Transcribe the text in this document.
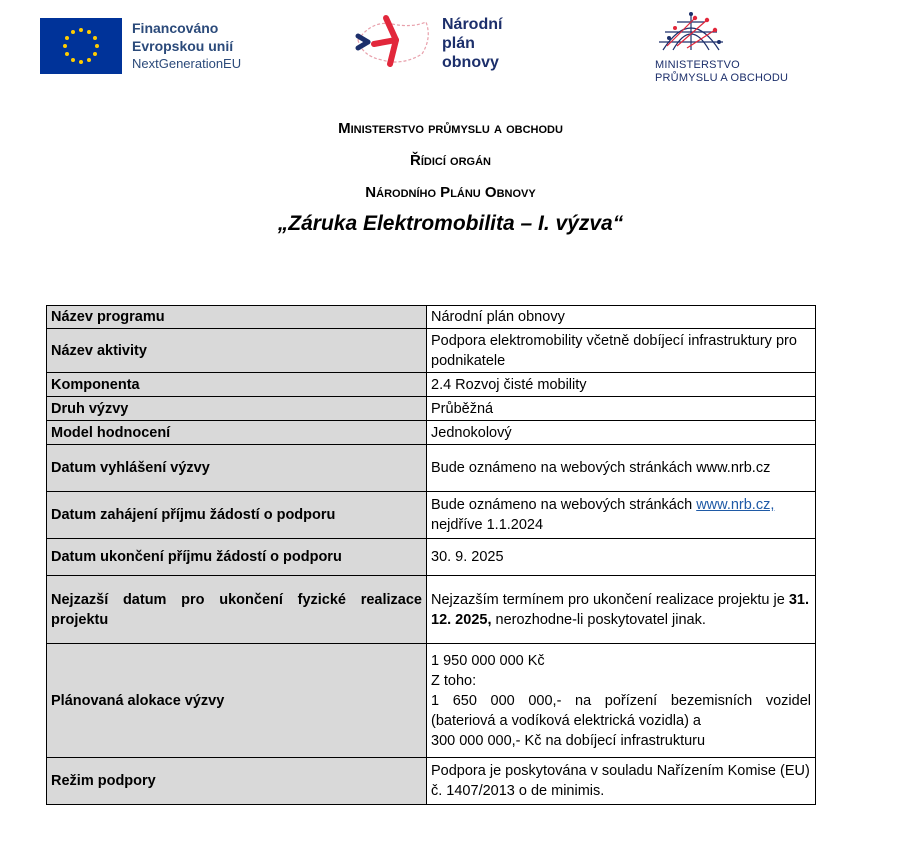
Financováno
Evropskou unií
NextGenerationEU
Národní
plán
obnovy	MINISTERSTVO
PRŮMYSLU A OBCHODU
Ministerstvo průmyslu a obchodu
Řídicí orgán
Národního Plánu Obnovy
„Záruka Elektromobilita – I. výzva“
Název programu	Národní plán obnovy
Název aktivity	Podpora elektromobility včetně dobíjecí infrastruktury pro podnikatele
Komponenta	2.4 Rozvoj čisté mobility
Druh výzvy	Průběžná
Model hodnocení	Jednokolový
Datum vyhlášení výzvy	Bude oznámeno na webových stránkách www.nrb.cz
Datum zahájení příjmu žádostí o podporu	Bude oznámeno na webových stránkách www.nrb.cz, nejdříve 1.1.2024
Datum ukončení příjmu žádostí o podporu	30. 9. 2025
Nejzazší datum pro ukončení fyzické realizace projektu	Nejzazším termínem pro ukončení realizace projektu je 31. 12. 2025, nerozhodne-li poskytovatel jinak.
Plánovaná alokace výzvy	1 950 000 000 Kč
Z toho:
1 650 000 000,- na pořízení bezemisních vozidel (bateriová a vodíková elektrická vozidla) a
300 000 000,- Kč na dobíjecí infrastrukturu

Režim podpory	Podpora je poskytována v souladu Nařízením Komise (EU) č. 1407/2013 o de minimis.
